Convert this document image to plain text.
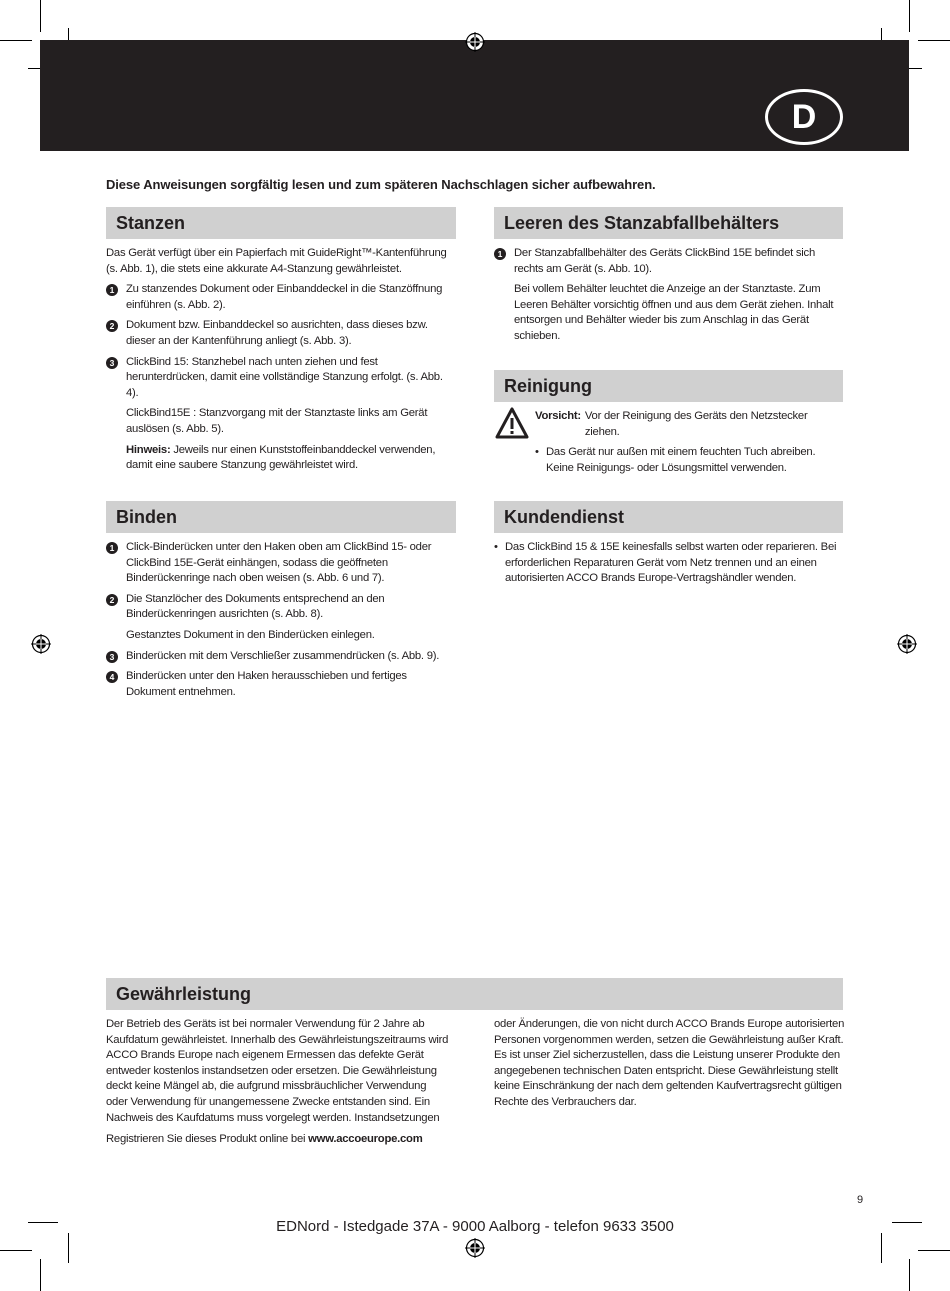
D
Diese Anweisungen sorgfältig lesen und zum späteren Nachschlagen sicher aufbewahren.
Stanzen

Das Gerät verfügt über ein Papierfach mit GuideRight™-Kantenführung (s. Abb. 1), die stets eine akkurate A4-Stanzung gewährleistet.

1	Zu stanzendes Dokument oder Einbanddeckel in die Stanzöffnung einführen (s. Abb. 2).
2	Dokument bzw. Einbanddeckel so ausrichten, dass dieses bzw. dieser an der Kantenführung anliegt (s. Abb. 3).
3	ClickBind 15: Stanzhebel nach unten ziehen und fest herunterdrücken, damit eine vollständige Stanzung erfolgt. (s. Abb. 4).
ClickBind15E : Stanzvorgang mit der Stanztaste links am Gerät auslösen (s. Abb. 5).
Hinweis: Jeweils nur einen Kunststoffeinbanddeckel verwenden, damit eine saubere Stanzung gewährleistet wird.
Binden
1	Click-Binderücken unter den Haken oben am ClickBind 15- oder ClickBind 15E-Gerät einhängen, sodass die geöffneten Binderückenringe nach oben weisen (s. Abb. 6 und 7).
2	Die Stanzlöcher des Dokuments entsprechend an den Binderückenringen ausrichten (s. Abb. 8).
Gestanztes Dokument in den Binderücken einlegen.
3	Binderücken mit dem Verschließer zusammendrücken (s. Abb. 9).
4	Binderücken unter den Haken herausschieben und fertiges Dokument entnehmen.
Leeren des Stanzabfallbehälters
1	Der Stanzabfallbehälter des Geräts ClickBind 15E befindet sich rechts am Gerät (s. Abb. 10).
Bei vollem Behälter leuchtet die Anzeige an der Stanztaste. Zum Leeren Behälter vorsichtig öffnen und aus dem Gerät ziehen. Inhalt entsorgen und Behälter wieder bis zum Anschlag in das Gerät schieben.
Reinigung
Vorsicht: Vor der Reinigung des Geräts den Netzstecker ziehen.
• Das Gerät nur außen mit einem feuchten Tuch abreiben. Keine Reinigungs- oder Lösungsmittel verwenden.
Kundendienst
• Das ClickBind 15 & 15E keinesfalls selbst warten oder reparieren. Bei erforderlichen Reparaturen Gerät vom Netz trennen und an einen autorisierten ACCO Brands Europe-Vertragshändler wenden.
Gewährleistung

Der Betrieb des Geräts ist bei normaler Verwendung für 2 Jahre ab Kaufdatum gewährleistet. Innerhalb des Gewährleistungszeitraums wird ACCO Brands Europe nach eigenem Ermessen das defekte Gerät entweder kostenlos instandsetzen oder ersetzen. Die Gewährleistung deckt keine Mängel ab, die aufgrund missbräuchlicher Verwendung oder Verwendung für unangemessene Zwecke entstanden sind. Ein Nachweis des Kaufdatums muss vorgelegt werden. Instandsetzungen

Registrieren Sie dieses Produkt online bei www.accoeurope.com

oder Änderungen, die von nicht durch ACCO Brands Europe autorisierten Personen vorgenommen werden, setzen die Gewährleistung außer Kraft. Es ist unser Ziel sicherzustellen, dass die Leistung unserer Produkte den angegebenen technischen Daten entspricht. Diese Gewährleistung stellt keine Einschränkung der nach dem geltenden Kaufvertragsrecht gültigen Rechte des Verbrauchers dar.

9
EDNord - Istedgade 37A - 9000 Aalborg - telefon 9633 3500
